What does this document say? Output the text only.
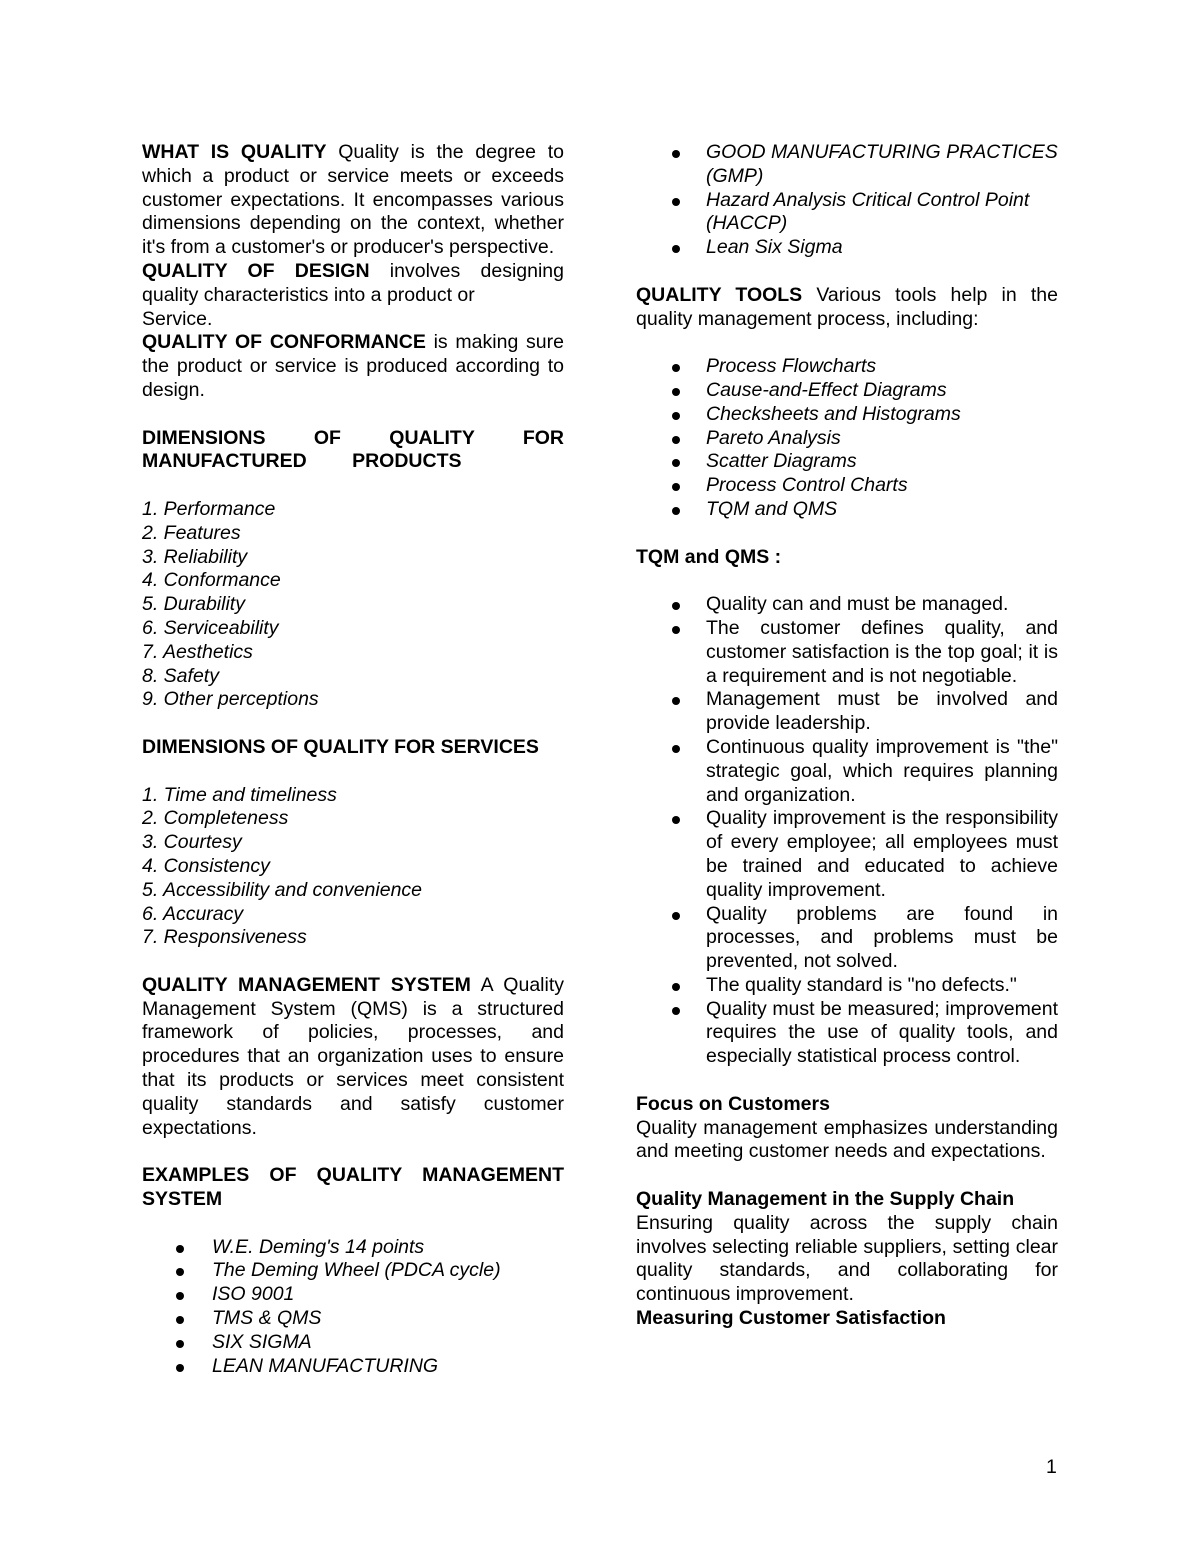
WHAT IS QUALITY Quality is the degree to which a product or service meets or exceeds customer expectations. It encompasses various dimensions depending on the context, whether it's from a customer's or producer's perspective.

QUALITY OF DESIGN involves designing
quality characteristics into a product or
Service.

QUALITY OF CONFORMANCE is making sure the product or service is produced according to design.

DIMENSIONS OF QUALITY FOR MANUFACTURED PRODUCTS

1. Performance
2. Features
3. Reliability
4. Conformance
5. Durability
6. Serviceability
7. Aesthetics
8. Safety
9. Other perceptions

DIMENSIONS OF QUALITY FOR SERVICES

1. Time and timeliness
2. Completeness
3. Courtesy
4. Consistency
5. Accessibility and convenience
6. Accuracy
7. Responsiveness

QUALITY MANAGEMENT SYSTEM A Quality Management System (QMS) is a structured framework of policies, processes, and procedures that an organization uses to ensure that its products or services meet consistent quality standards and satisfy customer expectations.

EXAMPLES OF QUALITY MANAGEMENT SYSTEM

W.E. Deming's 14 points
The Deming Wheel (PDCA cycle)
ISO 9001
TMS & QMS
SIX SIGMA
LEAN MANUFACTURING
GOOD MANUFACTURING PRACTICES (GMP)
Hazard Analysis Critical Control Point (HACCP)
Lean Six Sigma

QUALITY TOOLS Various tools help in the quality management process, including:

Process Flowcharts
Cause-and-Effect Diagrams
Checksheets and Histograms
Pareto Analysis
Scatter Diagrams
Process Control Charts
TQM and QMS

TQM and QMS :

Quality can and must be managed.
The customer defines quality, and customer satisfaction is the top goal; it is a requirement and is not negotiable.
Management must be involved and provide leadership.
Continuous quality improvement is "the" strategic goal, which requires planning and organization.
Quality improvement is the responsibility of every employee; all employees must be trained and educated to achieve quality improvement.
Quality problems are found in processes, and problems must be prevented, not solved.
The quality standard is "no defects."
Quality must be measured; improvement requires the use of quality tools, and especially statistical process control.

Focus on Customers

Quality management emphasizes understanding and meeting customer needs and expectations.

Quality Management in the Supply Chain

Ensuring quality across the supply chain involves selecting reliable suppliers, setting clear quality standards, and collaborating for continuous improvement.

Measuring Customer Satisfaction

1
